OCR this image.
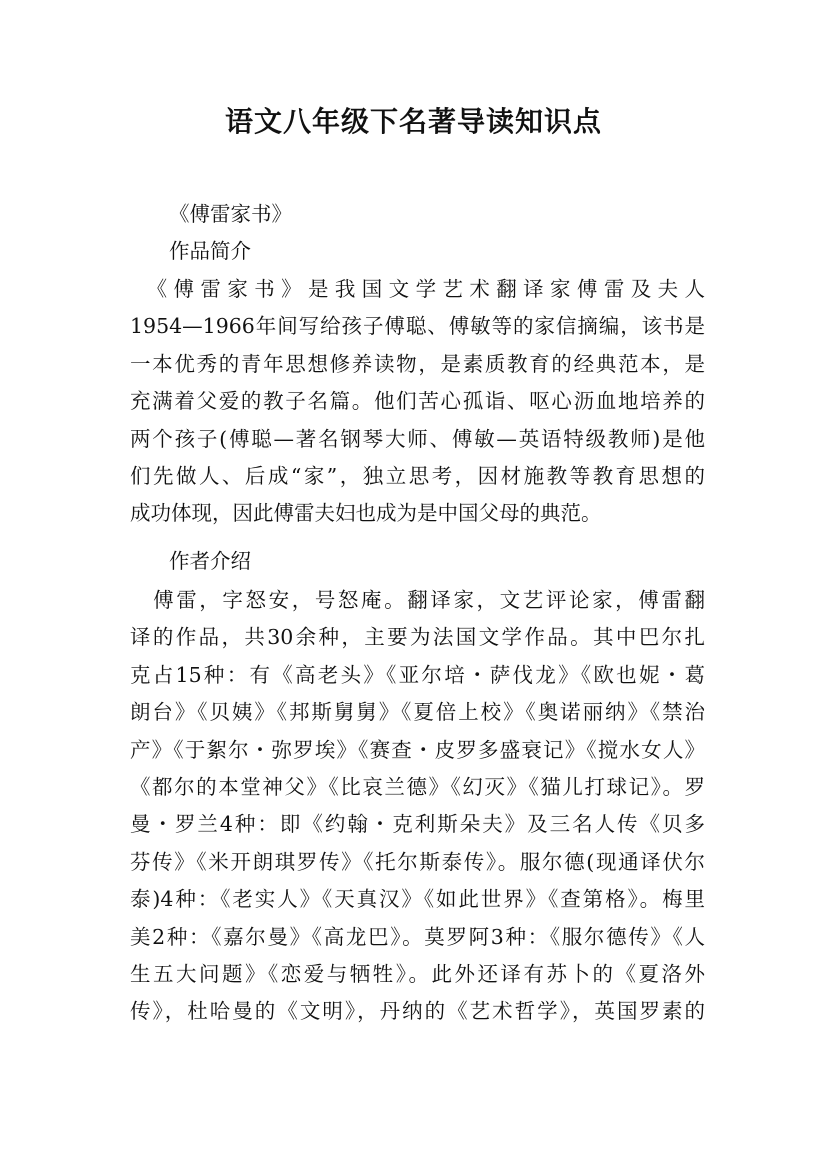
语文八年级下名著导读知识点
《傅雷家书》
作品简介
　《傅雷家书》是我国文学艺术翻译家傅雷及夫人
1954—1966年间写给孩子傅聪、傅敏等的家信摘编，该书是
一本优秀的青年思想修养读物，是素质教育的经典范本，是
充满着父爱的教子名篇。他们苦心孤诣、呕心沥血地培养的
两个孩子(傅聪—著名钢琴大师、傅敏—英语特级教师)是他
们先做人、后成“家”，独立思考，因材施教等教育思想的
成功体现，因此傅雷夫妇也成为是中国父母的典范。
作者介绍
　傅雷，字怒安，号怒庵。翻译家，文艺评论家，傅雷翻
译的作品，共30余种，主要为法国文学作品。其中巴尔扎
克占15种：有《高老头》《亚尔培・萨伐龙》《欧也妮・葛
朗台》《贝姨》《邦斯舅舅》《夏倍上校》《奥诺丽纳》《禁治
产》《于絮尔・弥罗埃》《赛查・皮罗多盛衰记》《搅水女人》
《都尔的本堂神父》《比哀兰德》《幻灭》《猫儿打球记》。罗
曼・罗兰4种：即《约翰・克利斯朵夫》及三名人传《贝多
芬传》《米开朗琪罗传》《托尔斯泰传》。服尔德(现通译伏尔
泰)4种：《老实人》《天真汉》《如此世界》《查第格》。梅里
美2种：《嘉尔曼》《高龙巴》。莫罗阿3种：《服尔德传》《人
生五大问题》《恋爱与牺牲》。此外还译有苏卜的《夏洛外
传》，杜哈曼的《文明》，丹纳的《艺术哲学》，英国罗素的
